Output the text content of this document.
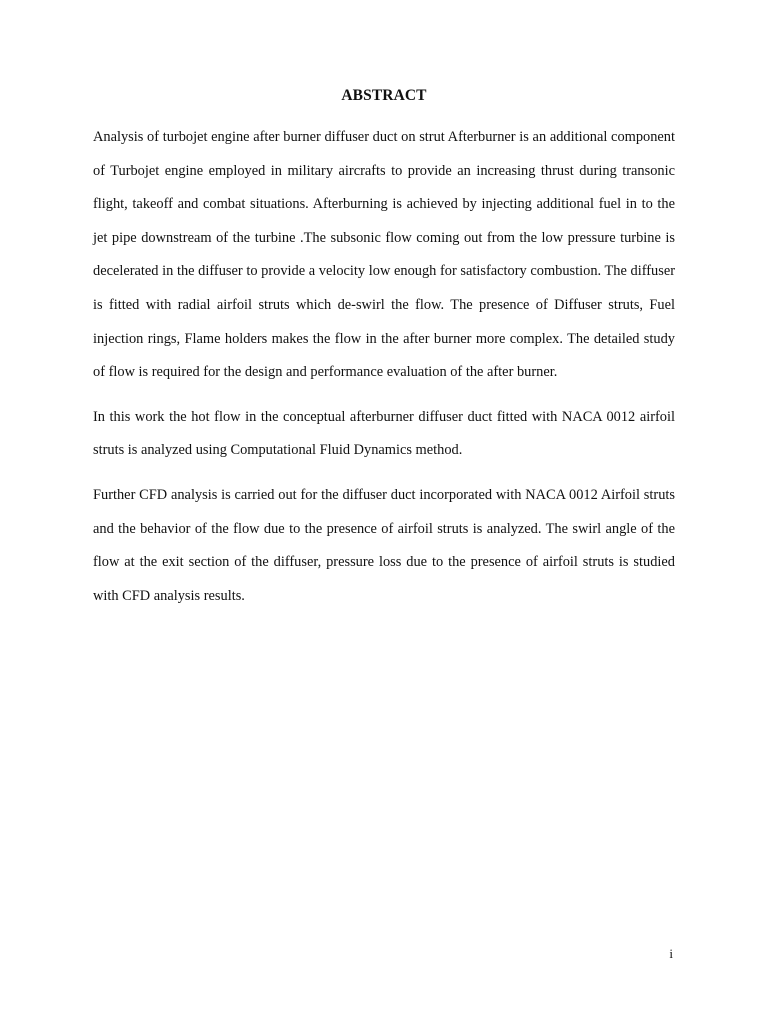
ABSTRACT

Analysis of turbojet engine after burner diffuser duct on strut Afterburner is an additional component of Turbojet engine employed in military aircrafts to provide an increasing thrust during transonic flight, takeoff and combat situations. Afterburning is achieved by injecting additional fuel in to the jet pipe downstream of the turbine .The subsonic flow coming out from the low pressure turbine is decelerated in the diffuser to provide a velocity low enough for satisfactory combustion. The diffuser is fitted with radial airfoil struts which de-swirl the flow. The presence of Diffuser struts, Fuel injection rings, Flame holders makes the flow in the after burner more complex. The detailed study of flow is required for the design and performance evaluation of the after burner.

In this work the hot flow in the conceptual afterburner diffuser duct fitted with NACA 0012 airfoil struts is analyzed using Computational Fluid Dynamics method.

Further CFD analysis is carried out for the diffuser duct incorporated with NACA 0012 Airfoil struts and the behavior of the flow due to the presence of airfoil struts is analyzed. The swirl angle of the flow at the exit section of the diffuser, pressure loss due to the presence of airfoil struts is studied with CFD analysis results.

i
